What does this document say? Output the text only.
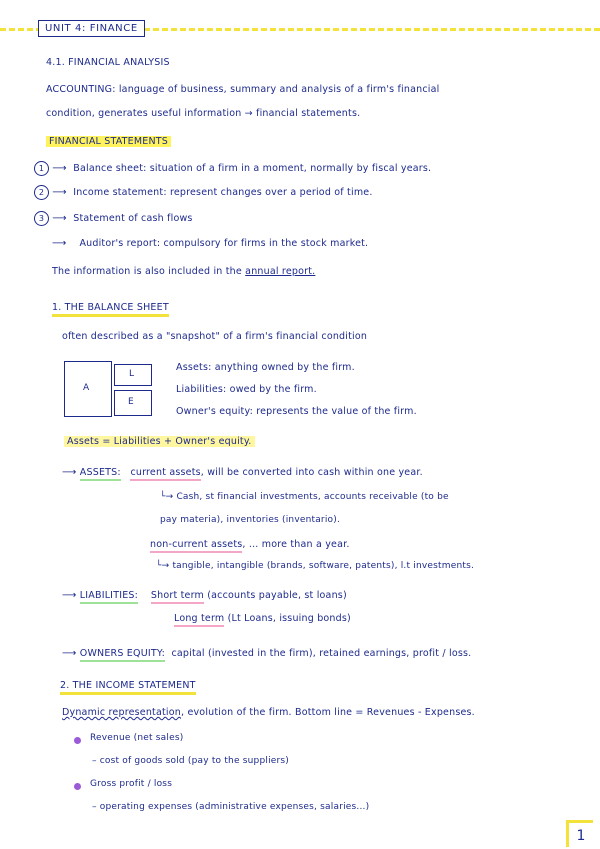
UNIT 4: FINANCE
4.1. FINANCIAL ANALYSIS
ACCOUNTING: language of business, summary and analysis of a firm's financial
condition, generates useful information → financial statements.
FINANCIAL STATEMENTS
1 ⟶ Balance sheet: situation of a firm in a moment, normally by fiscal years.
2 ⟶ Income statement: represent changes over a period of time.
3 ⟶ Statement of cash flows
⟶ Auditor's report: compulsory for firms in the stock market.
The information is also included in the annual report.
1. THE BALANCE SHEET
often described as a "snapshot" of a firm's financial condition
A
L
E
Assets: anything owned by the firm.
Liabilities: owed by the firm.
Owner's equity: represents the value of the firm.
Assets = Liabilities + Owner's equity.
⟶ ASSETS: current assets, will be converted into cash within one year.
└→ Cash, st financial investments, accounts receivable (to be
pay materia), inventories (inventario).
non-current assets, ... more than a year.
└→ tangible, intangible (brands, software, patents), l.t investments.
⟶ LIABILITIES: Short term (accounts payable, st loans)
Long term (Lt Loans, issuing bonds)
⟶ OWNERS EQUITY: capital (invested in the firm), retained earnings, profit / loss.
2. THE INCOME STATEMENT
Dynamic representation, evolution of the firm. Bottom line = Revenues - Expenses.
Revenue (net sales)
– cost of goods sold (pay to the suppliers)
Gross profit / loss
– operating expenses (administrative expenses, salaries...)
1
